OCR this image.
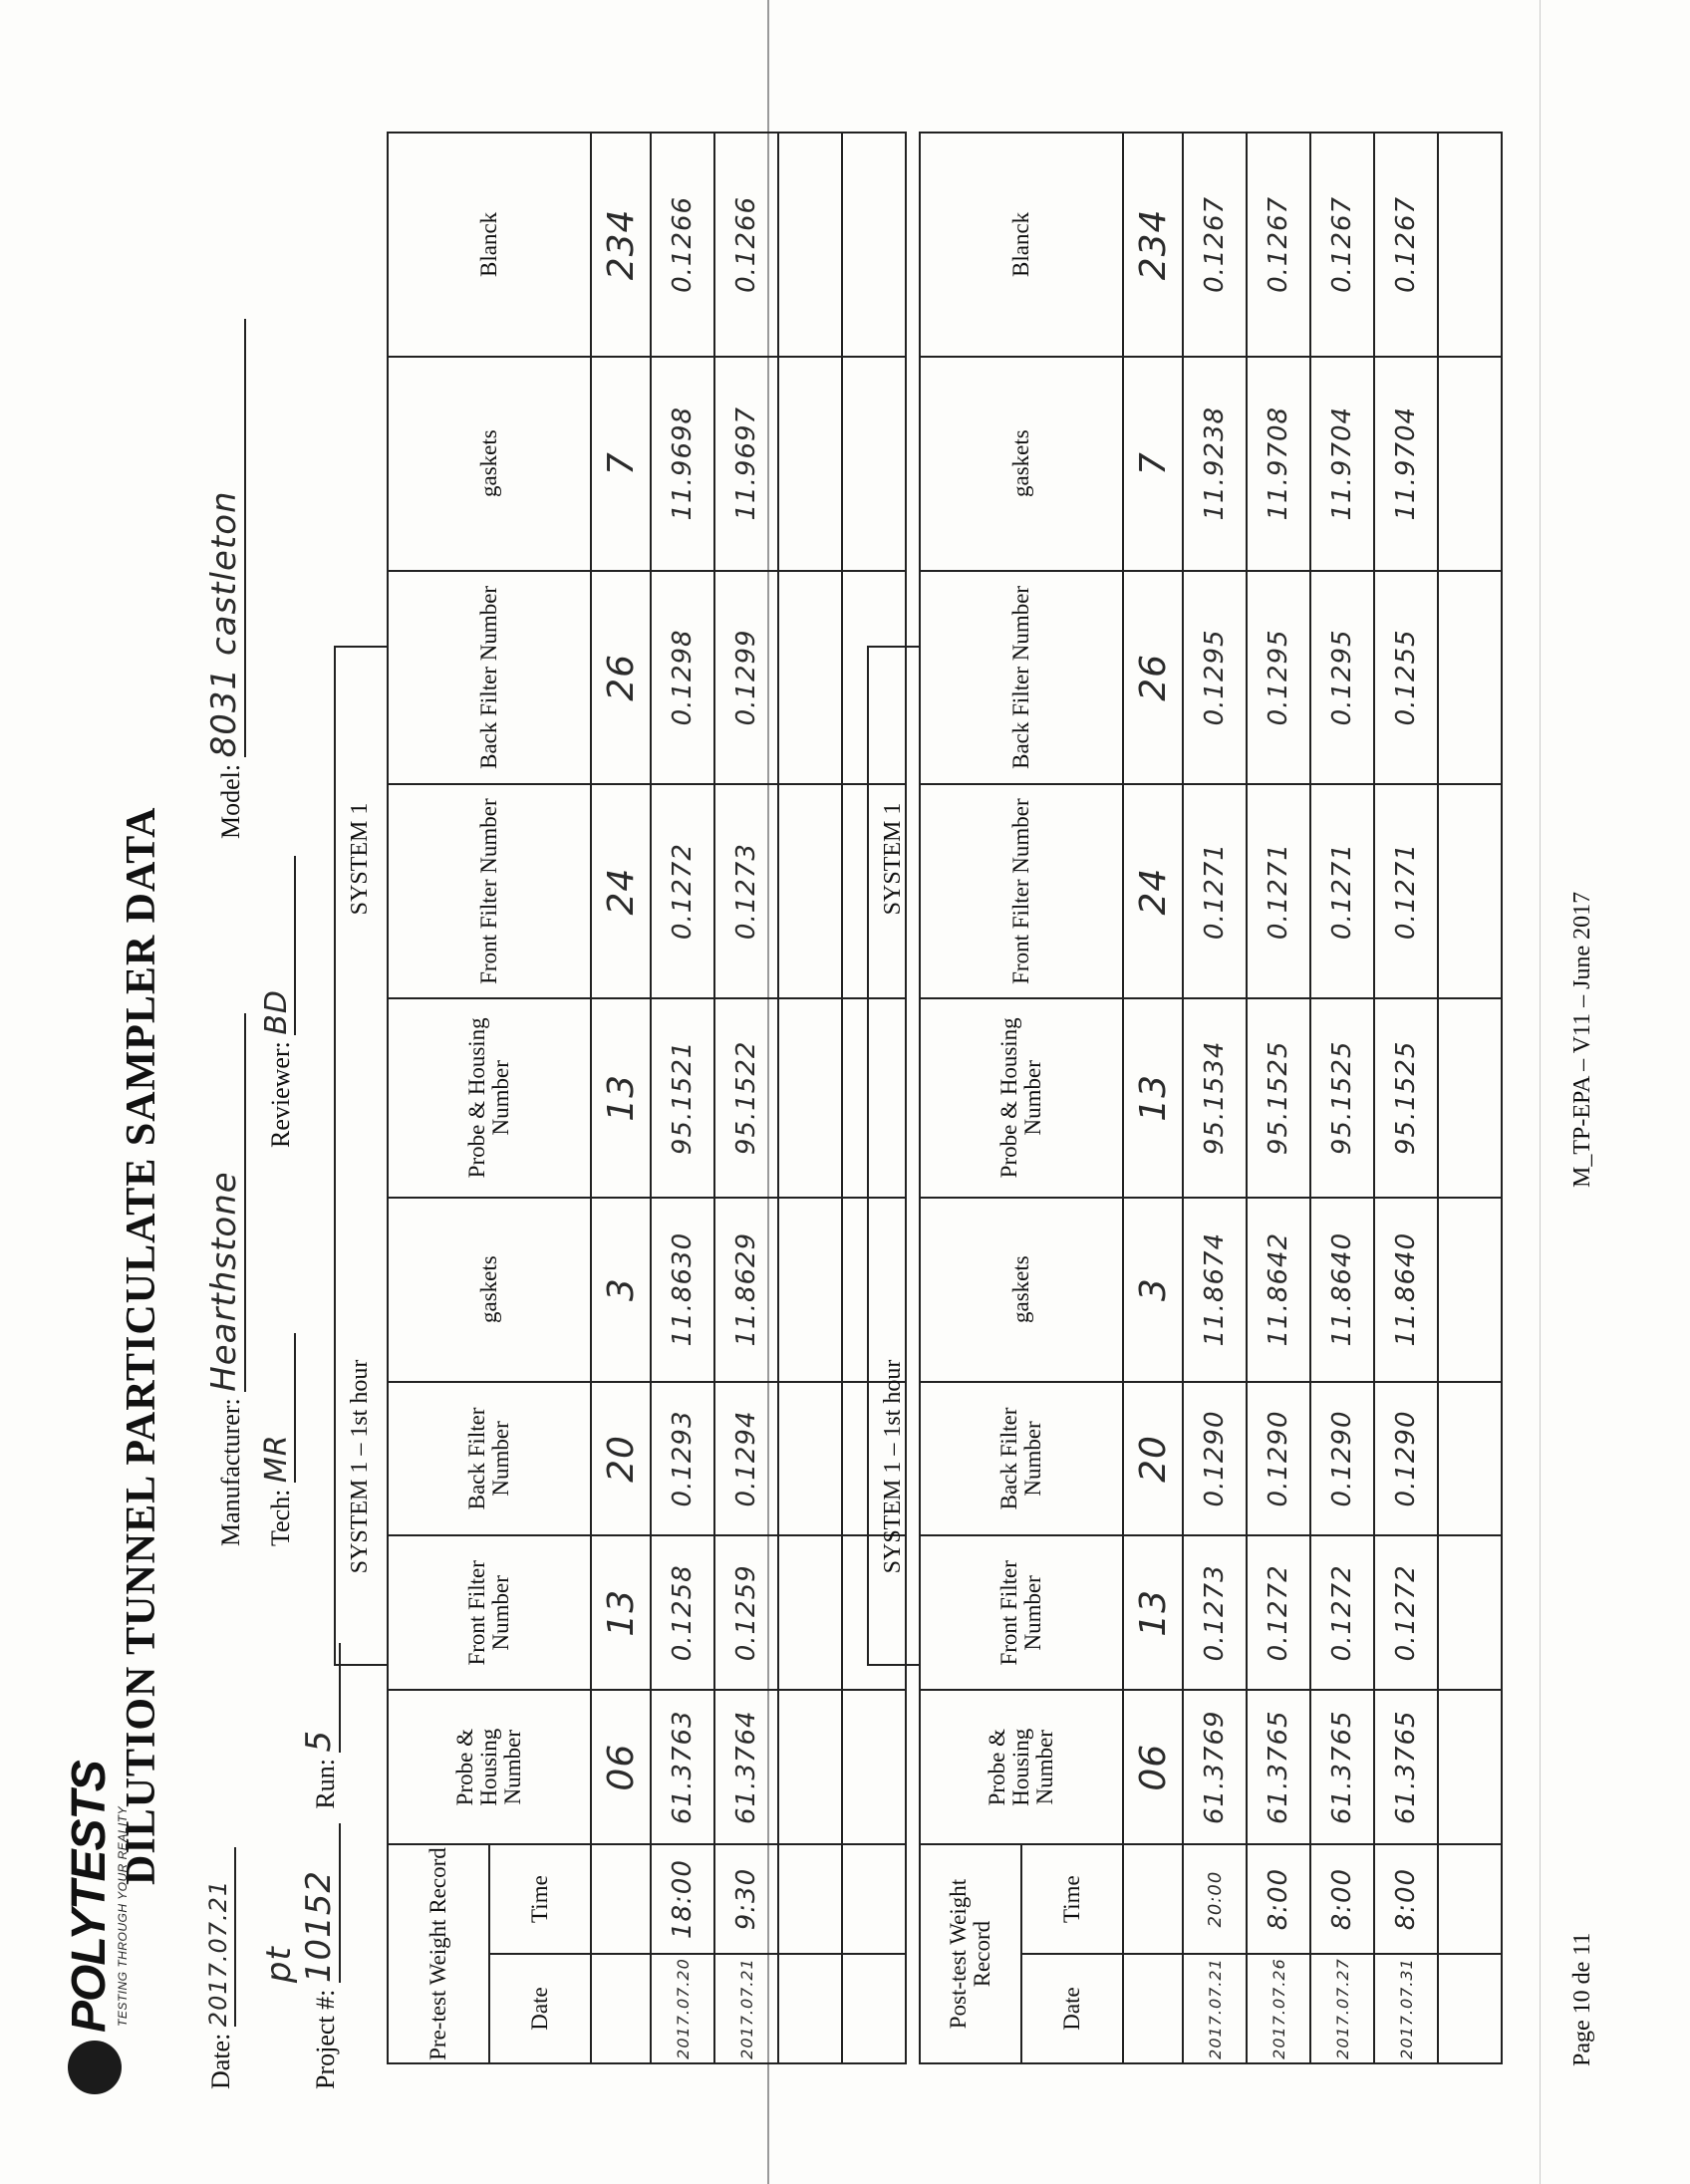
POLYTESTS TESTING THROUGH YOUR REALITY
DILUTION TUNNEL PARTICULATE SAMPLER DATA
Date: 2017.07.21
Manufacturer: Hearthstone
Model: 8031 castleton
Project #: pt 10152 Run: 5
Tech: MR
Reviewer: BD
SYSTEM 1 – 1st hour
SYSTEM 1
Pre-test Weight Record		Probe & Housing Number	Front Filter Number	Back Filter Number	gaskets	Probe & Housing Number	Front Filter Number	Back Filter Number	gaskets	Blanck
Date	Time									
		06	13	20	3	13	24	26	7	234
2017.07.20	18:00	61.3763	0.1258	0.1293	11.8630	95.1521	0.1272	0.1298	11.9698	0.1266
2017.07.21	9:30	61.3764	0.1259	0.1294	11.8629	95.1522	0.1273	0.1299	11.9697	0.1266

SYSTEM 1 – 1st hour
SYSTEM 1
Post-test Weight Record		Probe & Housing Number	Front Filter Number	Back Filter Number	gaskets	Probe & Housing Number	Front Filter Number	Back Filter Number	gaskets	Blanck
Date	Time									
		06	13	20	3	13	24	26	7	234
2017.07.21	20:00	61.3769	0.1273	0.1290	11.8674	95.1534	0.1271	0.1295	11.9238	0.1267
2017.07.26	8:00	61.3765	0.1272	0.1290	11.8642	95.1525	0.1271	0.1295	11.9708	0.1267
2017.07.27	8:00	61.3765	0.1272	0.1290	11.8640	95.1525	0.1271	0.1295	11.9704	0.1267
2017.07.31	8:00	61.3765	0.1272	0.1290	11.8640	95.1525	0.1271	0.1255	11.9704	0.1267

Page 10 de 11
M_TP-EPA – V11 – June 2017
